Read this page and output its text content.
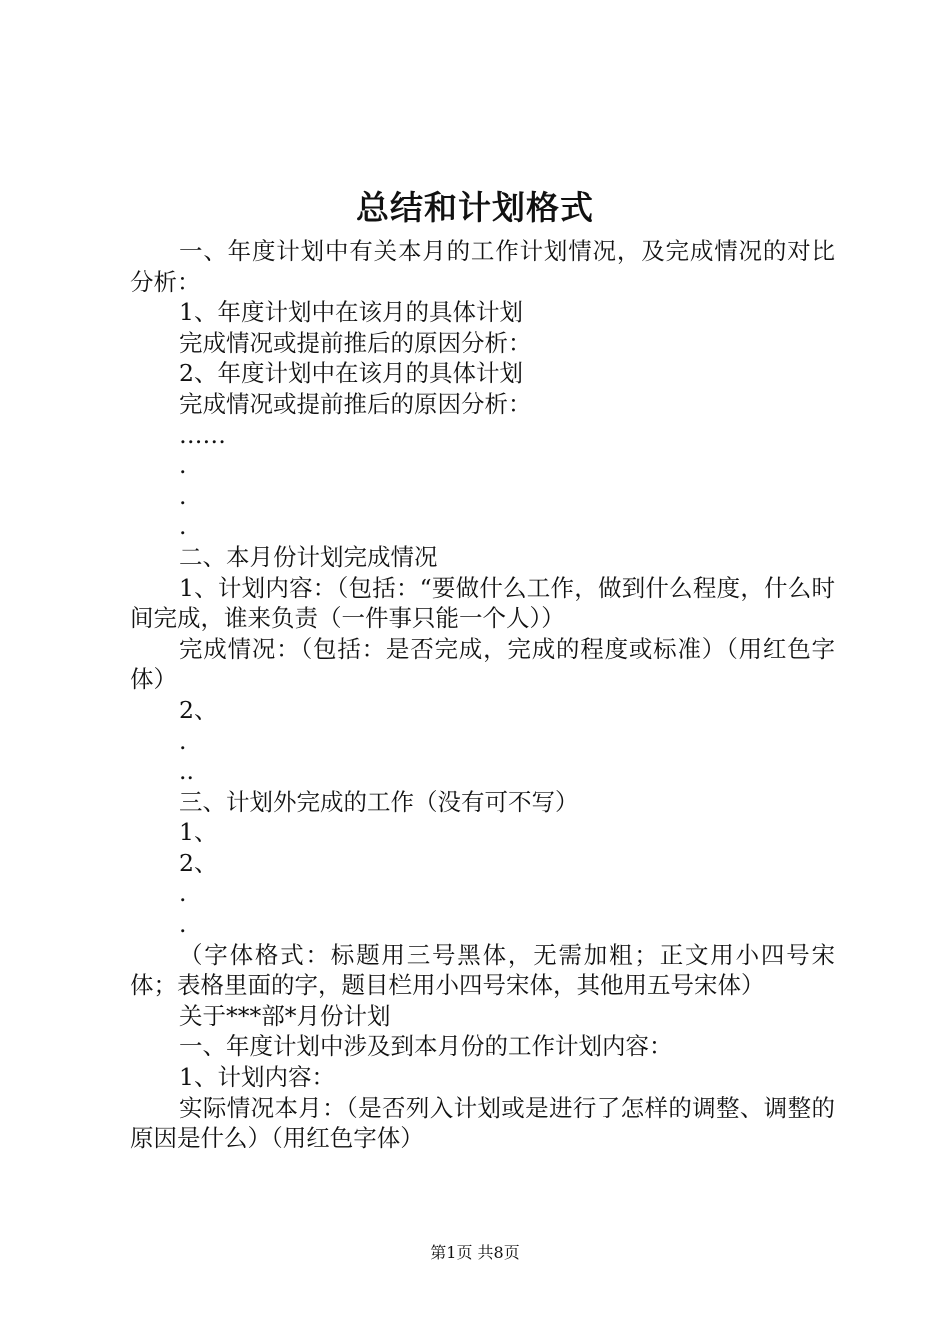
总结和计划格式
一、年度计划中有关本月的工作计划情况，及完成情况的对比分析：
1、年度计划中在该月的具体计划
完成情况或提前推后的原因分析：
2、年度计划中在该月的具体计划
完成情况或提前推后的原因分析：
……
.
.
.
二、本月份计划完成情况
1、计划内容：（包括：“要做什么工作，做到什么程度，什么时间完成，谁来负责（一件事只能一个人））
完成情况：（包括：是否完成，完成的程度或标准）（用红色字体）
2、
.
..
三、计划外完成的工作（没有可不写）
1、
2、
.
.
（字体格式：标题用三号黑体，无需加粗；正文用小四号宋体；表格里面的字，题目栏用小四号宋体，其他用五号宋体）
关于***部*月份计划
一、年度计划中涉及到本月份的工作计划内容：
1、计划内容：
实际情况本月：（是否列入计划或是进行了怎样的调整、调整的原因是什么）（用红色字体）
第1页 共8页
